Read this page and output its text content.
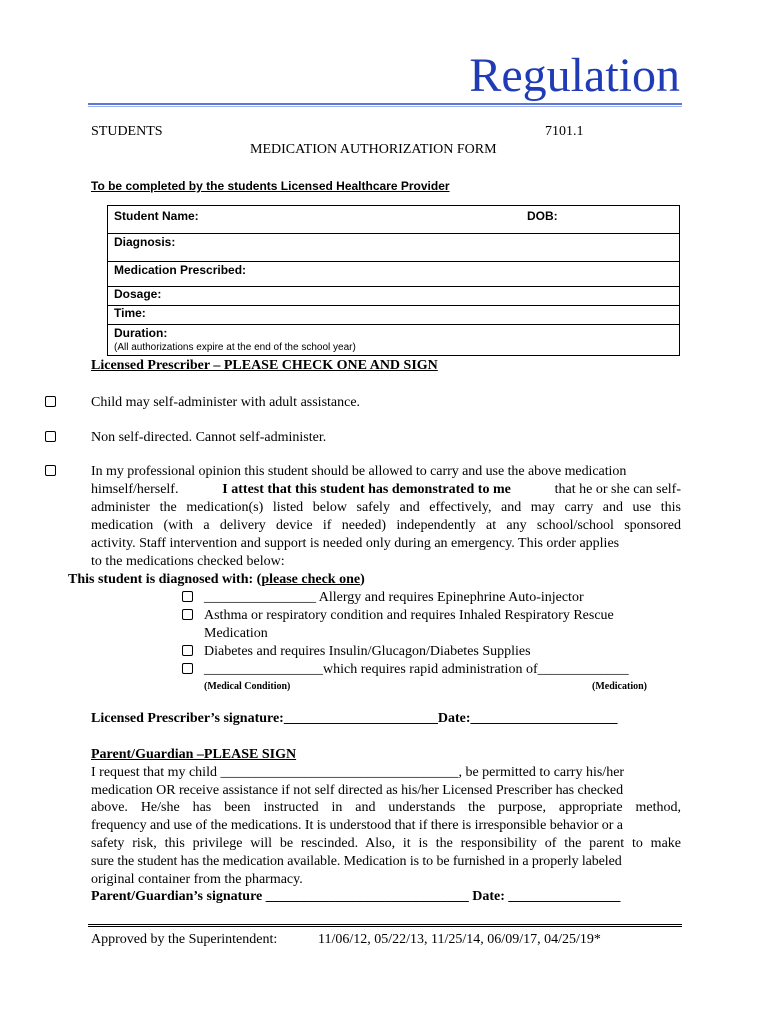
Regulation
STUDENTS	7101.1
MEDICATION AUTHORIZATION FORM
To be completed by the students Licensed Healthcare Provider
Student Name:	DOB:
Diagnosis:
Medication Prescribed:
Dosage:
Time:
Duration:
(All authorizations expire at the end of the school year)
Licensed Prescriber – PLEASE CHECK ONE AND SIGN
Child may self-administer with adult assistance.
Non self-directed. Cannot self-administer.
In my professional opinion this student should be allowed to carry and use the above medication
himself/herself.	I attest that this student has demonstrated to me	that he or she can self-
administer the medication(s) listed below safely and effectively, and may carry and use this
medication (with a delivery device if needed) independently at any school/school sponsored
activity. Staff intervention and support is needed only during an emergency. This order applies
to the medications checked below:
This student is diagnosed with: (please check one)
________________ Allergy and requires Epinephrine Auto-injector
Asthma or respiratory condition and requires Inhaled Respiratory Rescue
Medication
Diabetes and requires Insulin/Glucagon/Diabetes Supplies
_________________which requires rapid administration of_____________
(Medical Condition)	(Medication)
Licensed Prescriber’s signature:______________________Date:_____________________
Parent/Guardian –PLEASE SIGN
I request that my child __________________________________, be permitted to carry his/her
medication OR receive assistance if not self directed as his/her Licensed Prescriber has checked
above. He/she has been instructed in and understands the purpose, appropriate method,
frequency and use of the medications. It is understood that if there is irresponsible behavior or a
safety risk, this privilege will be rescinded. Also, it is the responsibility of the parent to make
sure the student has the medication available. Medication is to be furnished in a properly labeled
original container from the pharmacy.
Parent/Guardian’s signature _____________________________ Date: ________________
Approved by the Superintendent:	11/06/12, 05/22/13, 11/25/14, 06/09/17, 04/25/19*
